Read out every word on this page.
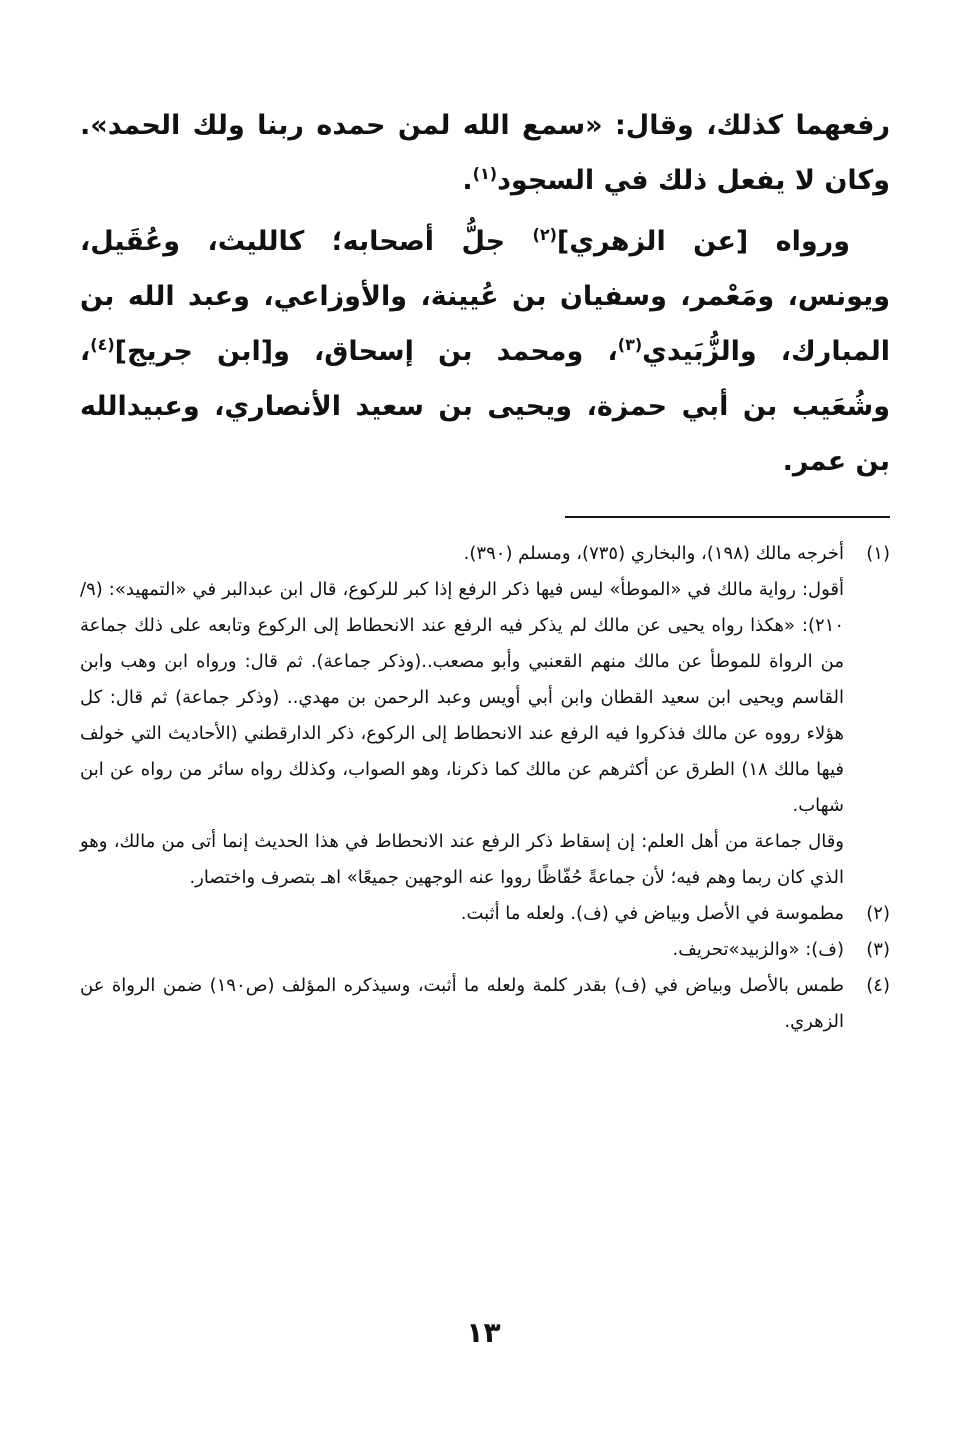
رفعهما كذلك، وقال: «سمع الله لمن حمده ربنا ولك الحمد». وكان لا يفعل ذلك في السجود$^{(١)}$.

ورواه [عن الزهري]$^{(٢)}$ جلُّ أصحابه؛ كالليث، وعُقَيل، ويونس، ومَعْمر، وسفيان بن عُيينة، والأوزاعي، وعبد الله بن المبارك، والزُّبَيدي$^{(٣)}$، ومحمد بن إسحاق، و[ابن جريج]$^{(٤)}$، وشُعَيب بن أبي حمزة، ويحيى بن سعيد الأنصاري، وعبيدالله بن عمر.

(١)

أخرجه مالك (١٩٨)، والبخاري (٧٣٥)، ومسلم (٣٩٠).

أقول: رواية مالك في «الموطأ» ليس فيها ذكر الرفع إذا كبر للركوع، قال ابن عبدالبر في «التمهيد»: (٩/ ٢١٠): «هكذا رواه يحيى عن مالك لم يذكر فيه الرفع عند الانحطاط إلى الركوع وتابعه على ذلك جماعة من الرواة للموطأ عن مالك منهم القعنبي وأبو مصعب..(وذكر جماعة). ثم قال: ورواه ابن وهب وابن القاسم ويحيى ابن سعيد القطان وابن أبي أويس وعبد الرحمن بن مهدي.. (وذكر جماعة) ثم قال: كل هؤلاء رووه عن مالك فذكروا فيه الرفع عند الانحطاط إلى الركوع، ذكر الدارقطني (الأحاديث التي خولف فيها مالك ١٨) الطرق عن أكثرهم عن مالك كما ذكرنا، وهو الصواب، وكذلك رواه سائر من رواه عن ابن شهاب.

وقال جماعة من أهل العلم: إن إسقاط ذكر الرفع عند الانحطاط في هذا الحديث إنما أتى من مالك، وهو الذي كان ربما وهم فيه؛ لأن جماعةً حُفّاظًا رووا عنه الوجهين جميعًا» اهـ بتصرف واختصار.

(٢)

مطموسة في الأصل وبياض في (ف). ولعله ما أثبت.

(٣)

(ف): «والزبيد»تحريف.

(٤)

طمس بالأصل وبياض في (ف) بقدر كلمة ولعله ما أثبت، وسيذكره المؤلف (ص١٩٠) ضمن الرواة عن الزهري.

١٣
